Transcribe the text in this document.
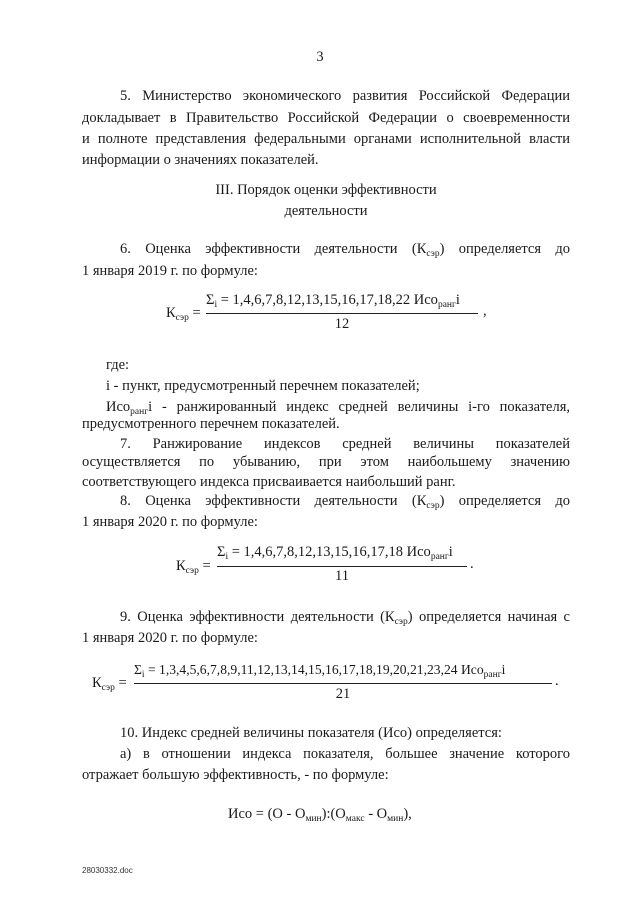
3
5. Министерство экономического развития Российской Федерации
докладывает в Правительство Российской Федерации о своевременности
и полноте представления федеральными органами исполнительной власти
информации о значениях показателей.
III. Порядок оценки эффективности
деятельности
6. Оценка эффективности деятельности $(К_{сэр})$ определяется до
1 января 2019 г. по формуле:
$К_{сэр}$ =
$\Sigma_i = 1,4,6,7,8,12,13,15,16,17,18,22$ Исо$_{ранг}$i
12
,
где:
i - пункт, предусмотренный перечнем показателей;
Исо$_{ранг}$i - ранжированный индекс средней величины i-го показателя,
предусмотренного перечнем показателей.
7. Ранжирование индексов средней величины показателей
осуществляется по убыванию, при этом наибольшему значению
соответствующего индекса присваивается наибольший ранг.
8. Оценка эффективности деятельности $(К_{сэр})$ определяется до
1 января 2020 г. по формуле:
$К_{сэр}$ =
$\Sigma_i = 1,4,6,7,8,12,13,15,16,17,18$ Исо$_{ранг}$i
11
.
9. Оценка эффективности деятельности $(К_{сэр})$ определяется начиная с
1 января 2020 г. по формуле:
$К_{сэр}$ =
$\Sigma_i = 1,3,4,5,6,7,8,9,11,12,13,14,15,16,17,18,19,20,21,23,24$ Исо$_{ранг}$i
21
.
10. Индекс средней величины показателя (Исо) определяется:
а) в отношении индекса показателя, большее значение которого
отражает большую эффективность, - по формуле:
Исо = $(О - О_{мин}):(О_{макс} - О_{мин})$,
28030332.doc
